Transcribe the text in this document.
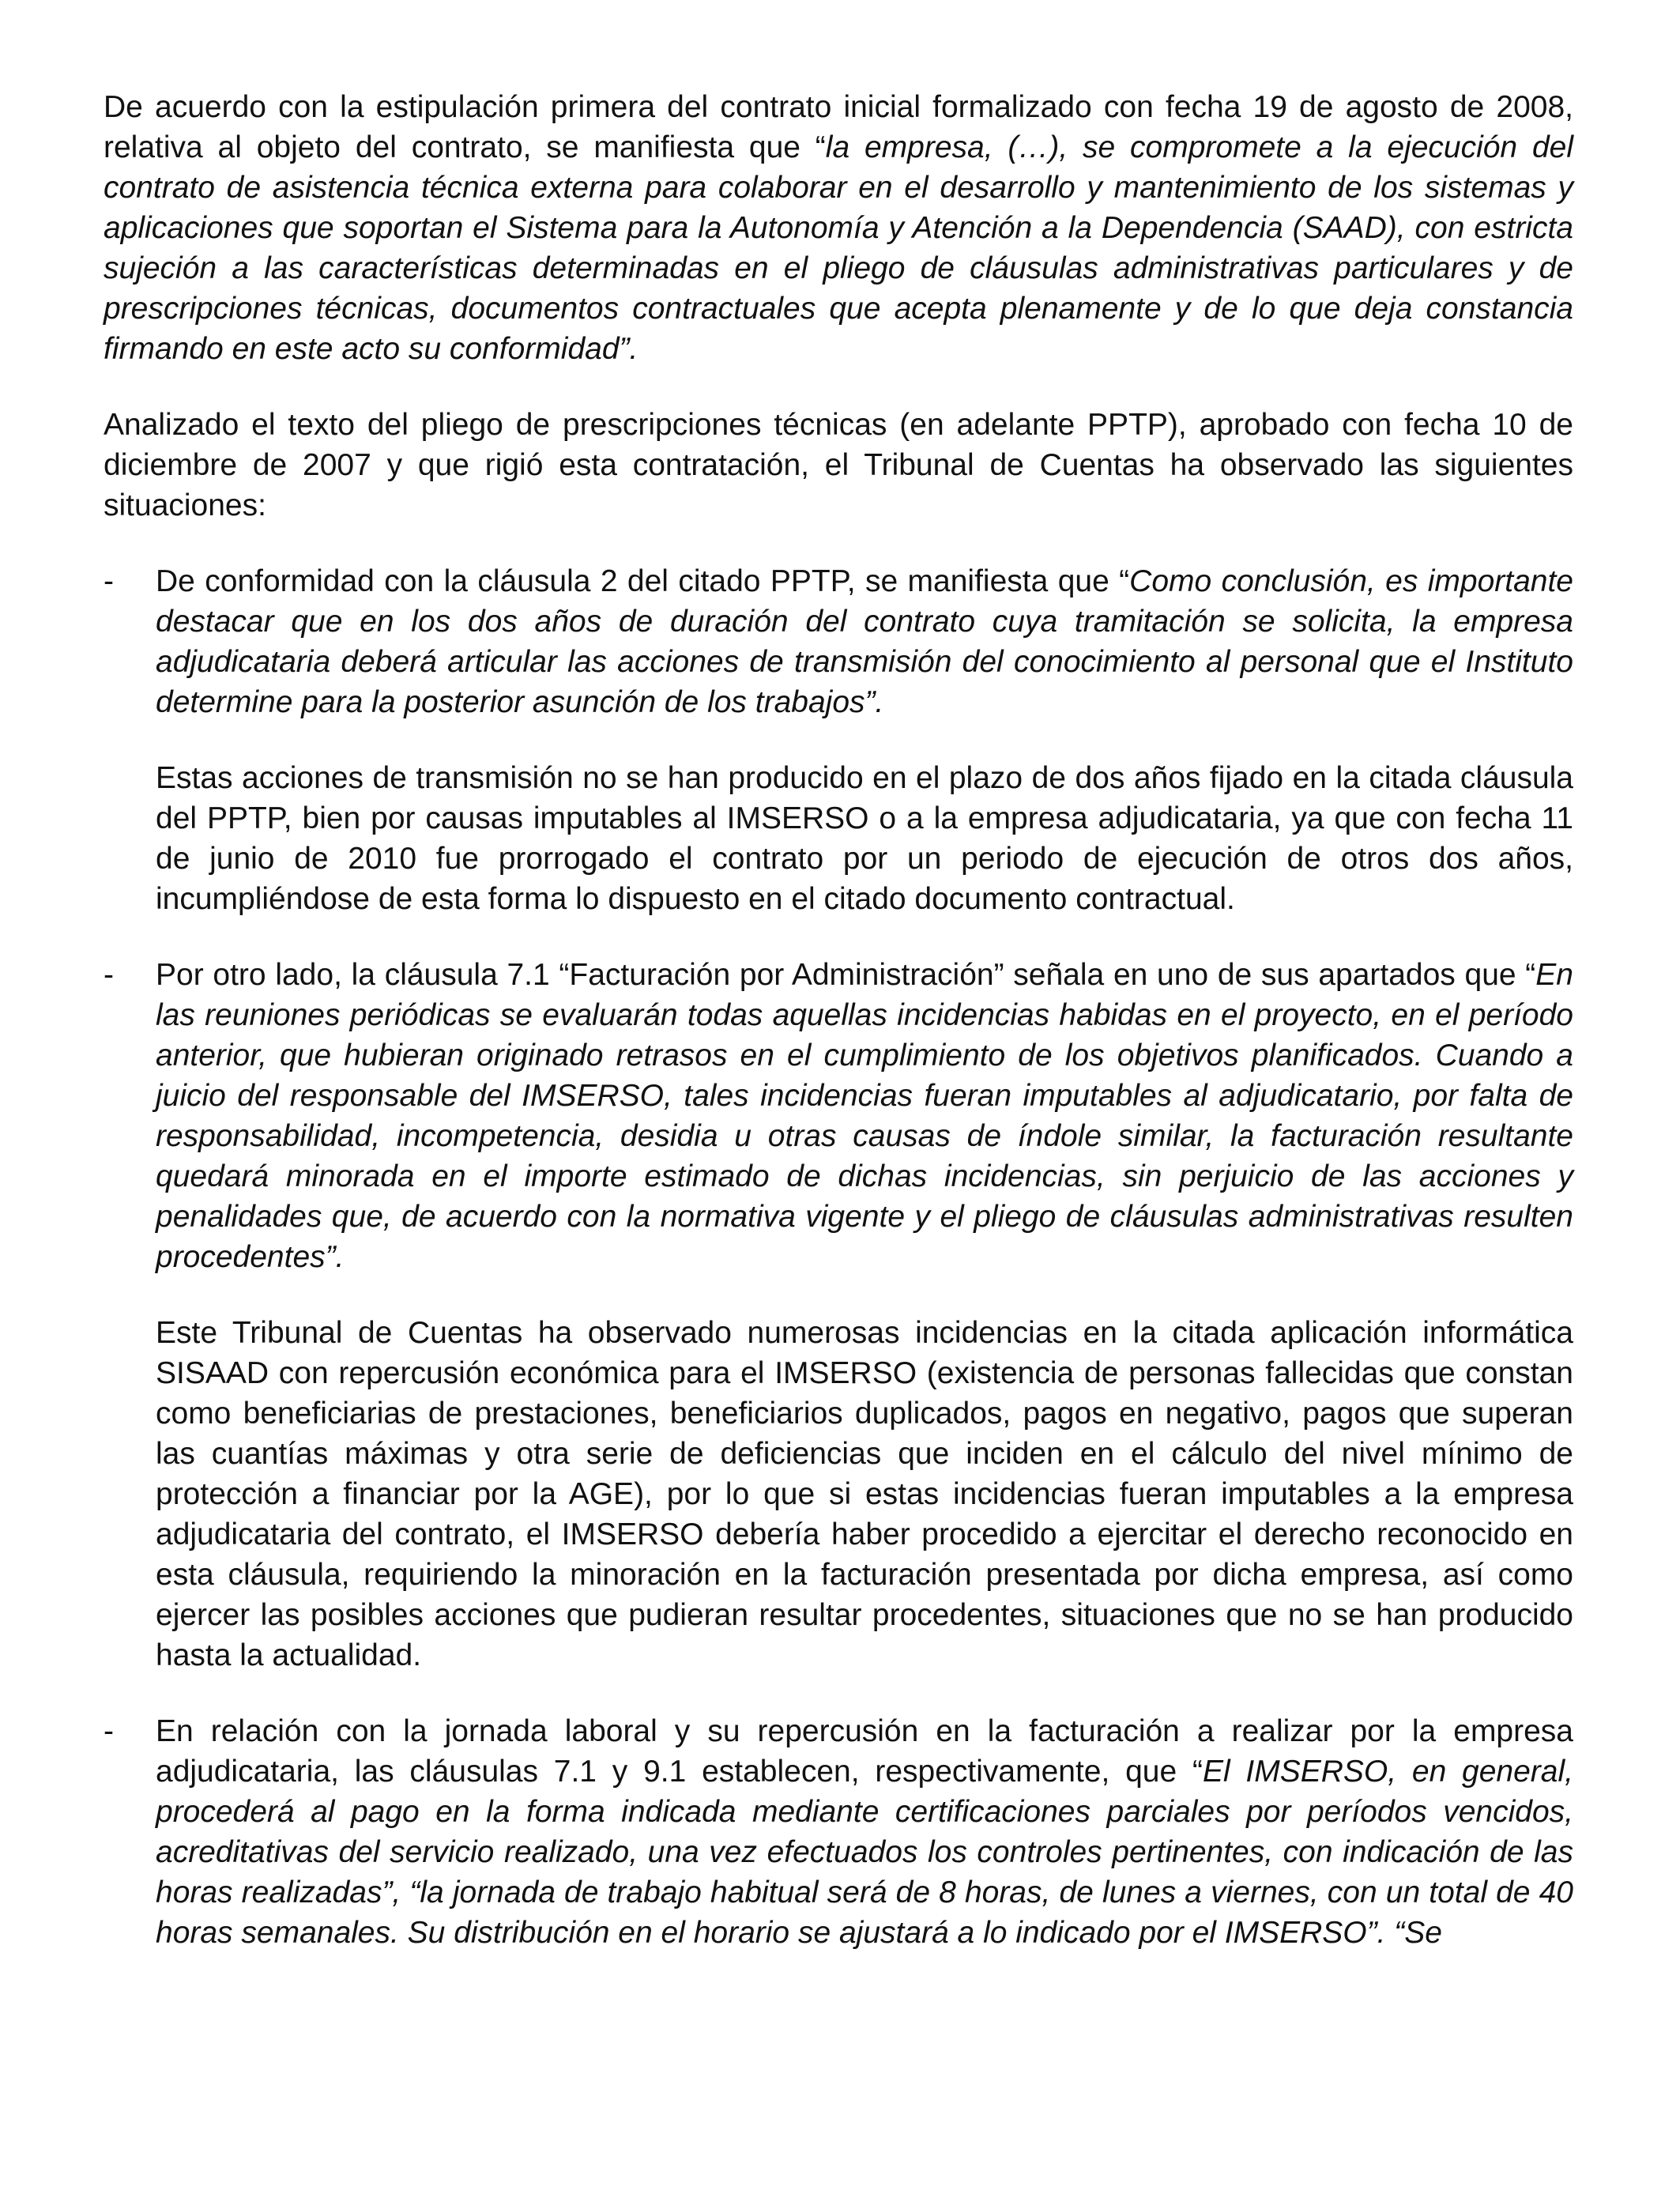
De acuerdo con la estipulación primera del contrato inicial formalizado con fecha 19 de agosto de 2008, relativa al objeto del contrato, se manifiesta que “la empresa, (…), se compromete a la ejecución del contrato de asistencia técnica externa para colaborar en el desarrollo y mantenimiento de los sistemas y aplicaciones que soportan el Sistema para la Autonomía y Atención a la Dependencia (SAAD), con estricta sujeción a las características determinadas en el pliego de cláusulas administrativas particulares y de prescripciones técnicas, documentos contractuales que acepta plenamente y de lo que deja constancia firmando en este acto su conformidad”.

Analizado el texto del pliego de prescripciones técnicas (en adelante PPTP), aprobado con fecha 10 de diciembre de 2007 y que rigió esta contratación, el Tribunal de Cuentas ha observado las siguientes situaciones:

-	De conformidad con la cláusula 2 del citado PPTP, se manifiesta que “Como conclusión, es importante destacar que en los dos años de duración del contrato cuya tramitación se solicita, la empresa adjudicataria deberá articular las acciones de transmisión del conocimiento al personal que el Instituto determine para la posterior asunción de los trabajos”.

Estas acciones de transmisión no se han producido en el plazo de dos años fijado en la citada cláusula del PPTP, bien por causas imputables al IMSERSO o a la empresa adjudicataria, ya que con fecha 11 de junio de 2010 fue prorrogado el contrato por un periodo de ejecución de otros dos años, incumpliéndose de esta forma lo dispuesto en el citado documento contractual.

-	Por otro lado, la cláusula 7.1 “Facturación por Administración” señala en uno de sus apartados que “En las reuniones periódicas se evaluarán todas aquellas incidencias habidas en el proyecto, en el período anterior, que hubieran originado retrasos en el cumplimiento de los objetivos planificados. Cuando a juicio del responsable del IMSERSO, tales incidencias fueran imputables al adjudicatario, por falta de responsabilidad, incompetencia, desidia u otras causas de índole similar, la facturación resultante quedará minorada en el importe estimado de dichas incidencias, sin perjuicio de las acciones y penalidades que, de acuerdo con la normativa vigente y el pliego de cláusulas administrativas resulten procedentes”.

Este Tribunal de Cuentas ha observado numerosas incidencias en la citada aplicación informática SISAAD con repercusión económica para el IMSERSO (existencia de personas fallecidas que constan como beneficiarias de prestaciones, beneficiarios duplicados, pagos en negativo, pagos que superan las cuantías máximas y otra serie de deficiencias que inciden en el cálculo del nivel mínimo de protección a financiar por la AGE), por lo que si estas incidencias fueran imputables a la empresa adjudicataria del contrato, el IMSERSO debería haber procedido a ejercitar el derecho reconocido en esta cláusula, requiriendo la minoración en la facturación presentada por dicha empresa, así como ejercer las posibles acciones que pudieran resultar procedentes, situaciones que no se han producido hasta la actualidad.

-	En relación con la jornada laboral y su repercusión en la facturación a realizar por la empresa adjudicataria, las cláusulas 7.1 y 9.1 establecen, respectivamente, que “El IMSERSO, en general, procederá al pago en la forma indicada mediante certificaciones parciales por períodos vencidos, acreditativas del servicio realizado, una vez efectuados los controles pertinentes, con indicación de las horas realizadas”, “la jornada de trabajo habitual será de 8 horas, de lunes a viernes, con un total de 40 horas semanales. Su distribución en el horario se ajustará a lo indicado por el IMSERSO”. “Se
